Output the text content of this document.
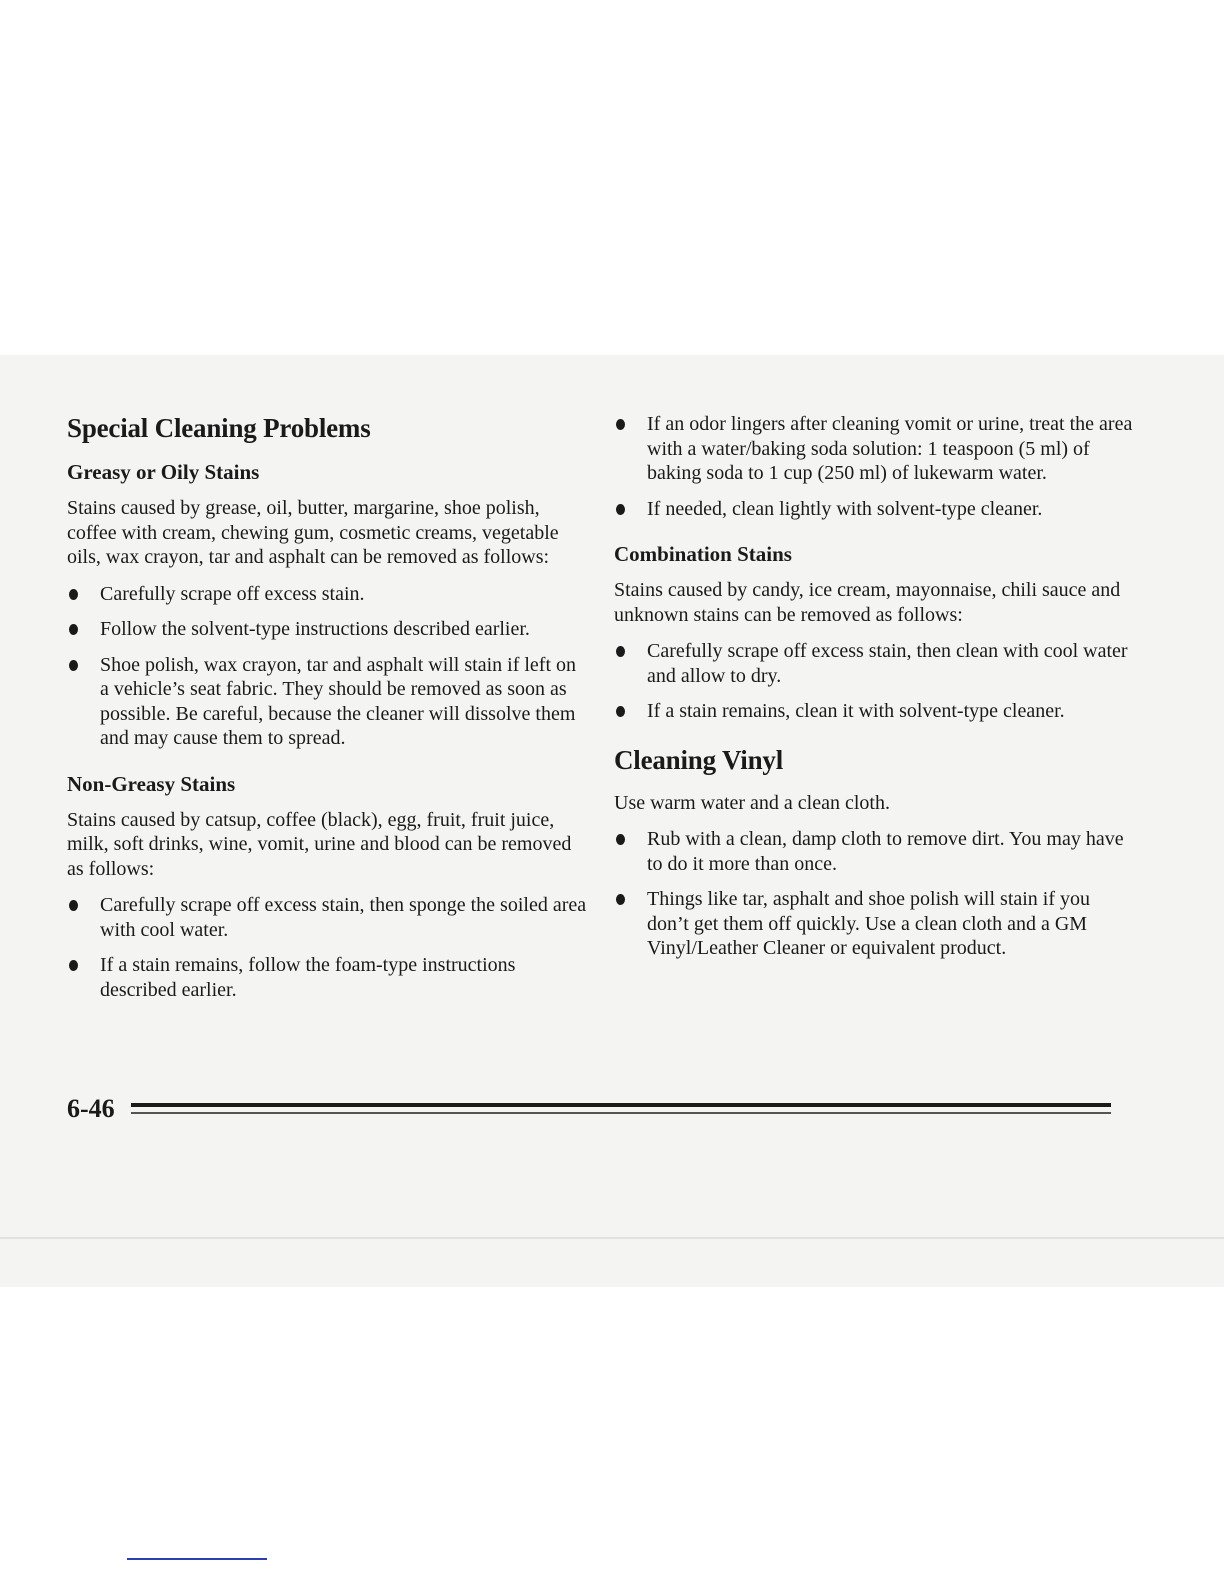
Special Cleaning Problems
Greasy or Oily Stains

Stains caused by grease, oil, butter, margarine, shoe polish, coffee with cream, chewing gum, cosmetic creams, vegetable oils, wax crayon, tar and asphalt can be removed as follows:

Carefully scrape off excess stain.
Follow the solvent-type instructions described earlier.
Shoe polish, wax crayon, tar and asphalt will stain if left on a vehicle’s seat fabric. They should be removed as soon as possible. Be careful, because the cleaner will dissolve them and may cause them to spread.
Non-Greasy Stains

Stains caused by catsup, coffee (black), egg, fruit, fruit juice, milk, soft drinks, wine, vomit, urine and blood can be removed as follows:

Carefully scrape off excess stain, then sponge the soiled area with cool water.
If a stain remains, follow the foam-type instructions described earlier.
If an odor lingers after cleaning vomit or urine, treat the area with a water/baking soda solution: 1 teaspoon (5 ml) of baking soda to 1 cup (250 ml) of lukewarm water.
If needed, clean lightly with solvent-type cleaner.
Combination Stains

Stains caused by candy, ice cream, mayonnaise, chili sauce and unknown stains can be removed as follows:

Carefully scrape off excess stain, then clean with cool water and allow to dry.
If a stain remains, clean it with solvent-type cleaner.
Cleaning Vinyl

Use warm water and a clean cloth.

Rub with a clean, damp cloth to remove dirt. You may have to do it more than once.
Things like tar, asphalt and shoe polish will stain if you don’t get them off quickly. Use a clean cloth and a GM Vinyl/Leather Cleaner or equivalent product.
6-46
